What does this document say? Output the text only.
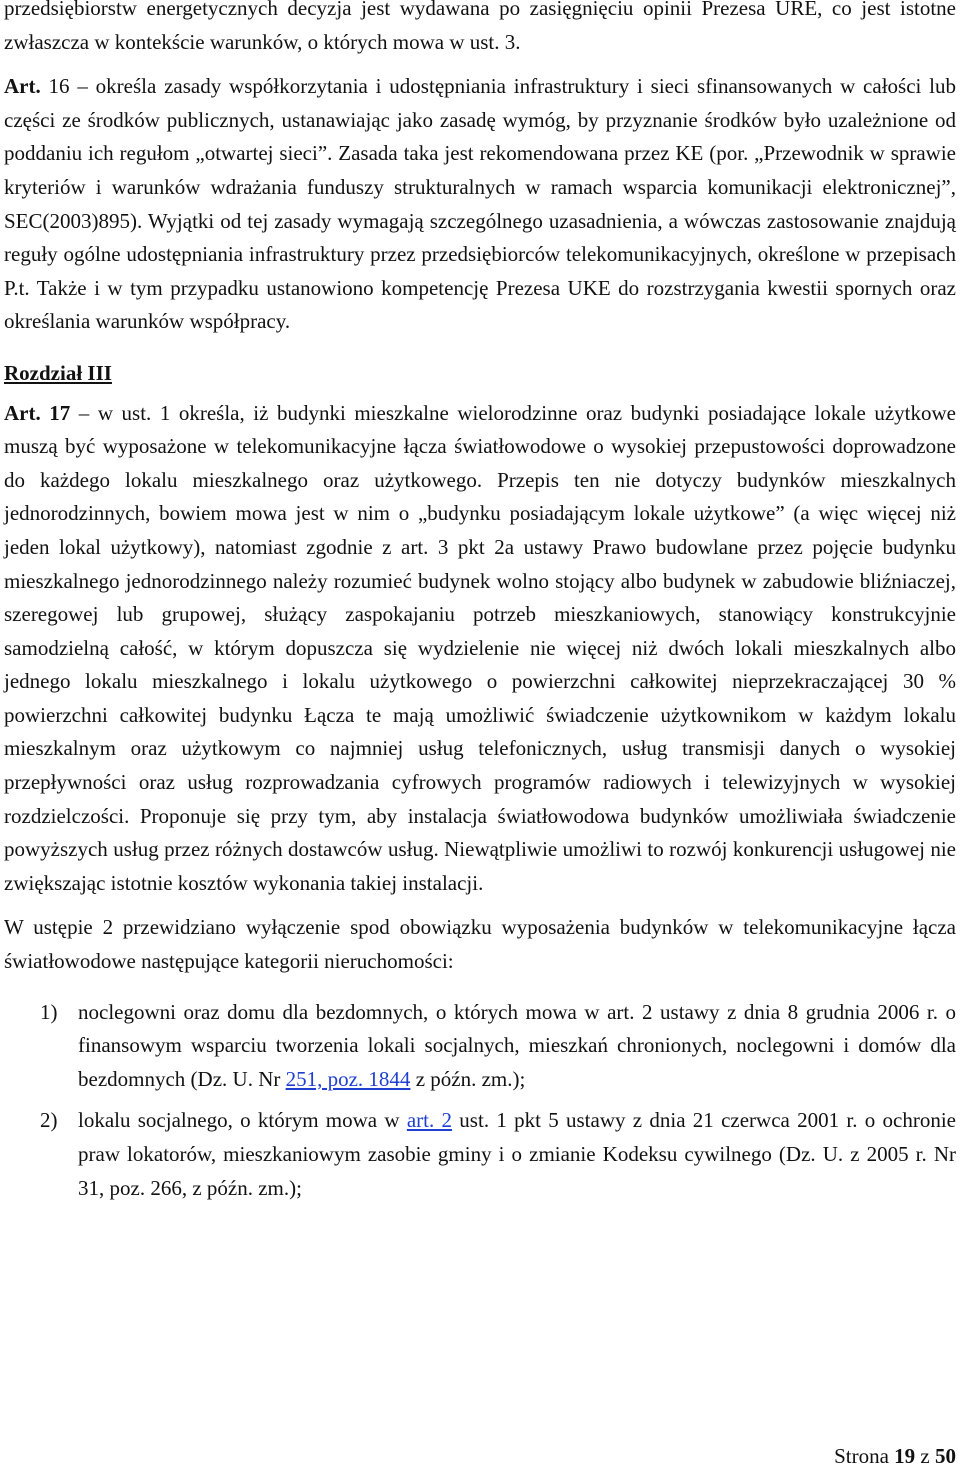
przedsiębiorstw energetycznych decyzja jest wydawana po zasięgnięciu opinii Prezesa URE, co jest istotne zwłaszcza w kontekście warunków, o których mowa w ust. 3.

Art. 16 – określa zasady współkorzytania i udostępniania infrastruktury i sieci sfinansowanych w całości lub części ze środków publicznych, ustanawiając jako zasadę wymóg, by przyznanie środków było uzależnione od poddaniu ich regułom „otwartej sieci”. Zasada taka jest rekomendowana przez KE (por. „Przewodnik w sprawie kryteriów i warunków wdrażania funduszy strukturalnych w ramach wsparcia komunikacji elektronicznej”, SEC(2003)895). Wyjątki od tej zasady wymagają szczególnego uzasadnienia, a wówczas zastosowanie znajdują reguły ogólne udostępniania infrastruktury przez przedsiębiorców telekomunikacyjnych, określone w przepisach P.t. Także i w tym przypadku ustanowiono kompetencję Prezesa UKE do rozstrzygania kwestii spornych oraz określania warunków współpracy.

Rozdział III

Art. 17 – w ust. 1 określa, iż budynki mieszkalne wielorodzinne oraz budynki posiadające lokale użytkowe muszą być wyposażone w telekomunikacyjne łącza światłowodowe o wysokiej przepustowości doprowadzone do każdego lokalu mieszkalnego oraz użytkowego. Przepis ten nie dotyczy budynków mieszkalnych jednorodzinnych, bowiem mowa jest w nim o „budynku posiadającym lokale użytkowe” (a więc więcej niż jeden lokal użytkowy), natomiast zgodnie z art. 3 pkt 2a ustawy Prawo budowlane przez pojęcie budynku mieszkalnego jednorodzinnego należy rozumieć budynek wolno stojący albo budynek w zabudowie bliźniaczej, szeregowej lub grupowej, służący zaspokajaniu potrzeb mieszkaniowych, stanowiący konstrukcyjnie samodzielną całość, w którym dopuszcza się wydzielenie nie więcej niż dwóch lokali mieszkalnych albo jednego lokalu mieszkalnego i lokalu użytkowego o powierzchni całkowitej nieprzekraczającej 30 % powierzchni całkowitej budynku Łącza te mają umożliwić świadczenie użytkownikom w każdym lokalu mieszkalnym oraz użytkowym co najmniej usług telefonicznych, usług transmisji danych o wysokiej przepływności oraz usług rozprowadzania cyfrowych programów radiowych i telewizyjnych w wysokiej rozdzielczości. Proponuje się przy tym, aby instalacja światłowodowa budynków umożliwiała świadczenie powyższych usług przez różnych dostawców usług. Niewątpliwie umożliwi to rozwój konkurencji usługowej nie zwiększając istotnie kosztów wykonania takiej instalacji.

W ustępie 2 przewidziano wyłączenie spod obowiązku wyposażenia budynków w telekomunikacyjne łącza światłowodowe następujące kategorii nieruchomości:

1) noclegowni oraz domu dla bezdomnych, o których mowa w art. 2 ustawy z dnia 8 grudnia 2006 r. o finansowym wsparciu tworzenia lokali socjalnych, mieszkań chronionych, noclegowni i domów dla bezdomnych (Dz. U. Nr 251, poz. 1844 z późn. zm.);
2) lokalu socjalnego, o którym mowa w art. 2 ust. 1 pkt 5 ustawy z dnia 21 czerwca 2001 r. o ochronie praw lokatorów, mieszkaniowym zasobie gminy i o zmianie Kodeksu cywilnego (Dz. U. z 2005 r. Nr 31, poz. 266, z późn. zm.);
Strona 19 z 50
